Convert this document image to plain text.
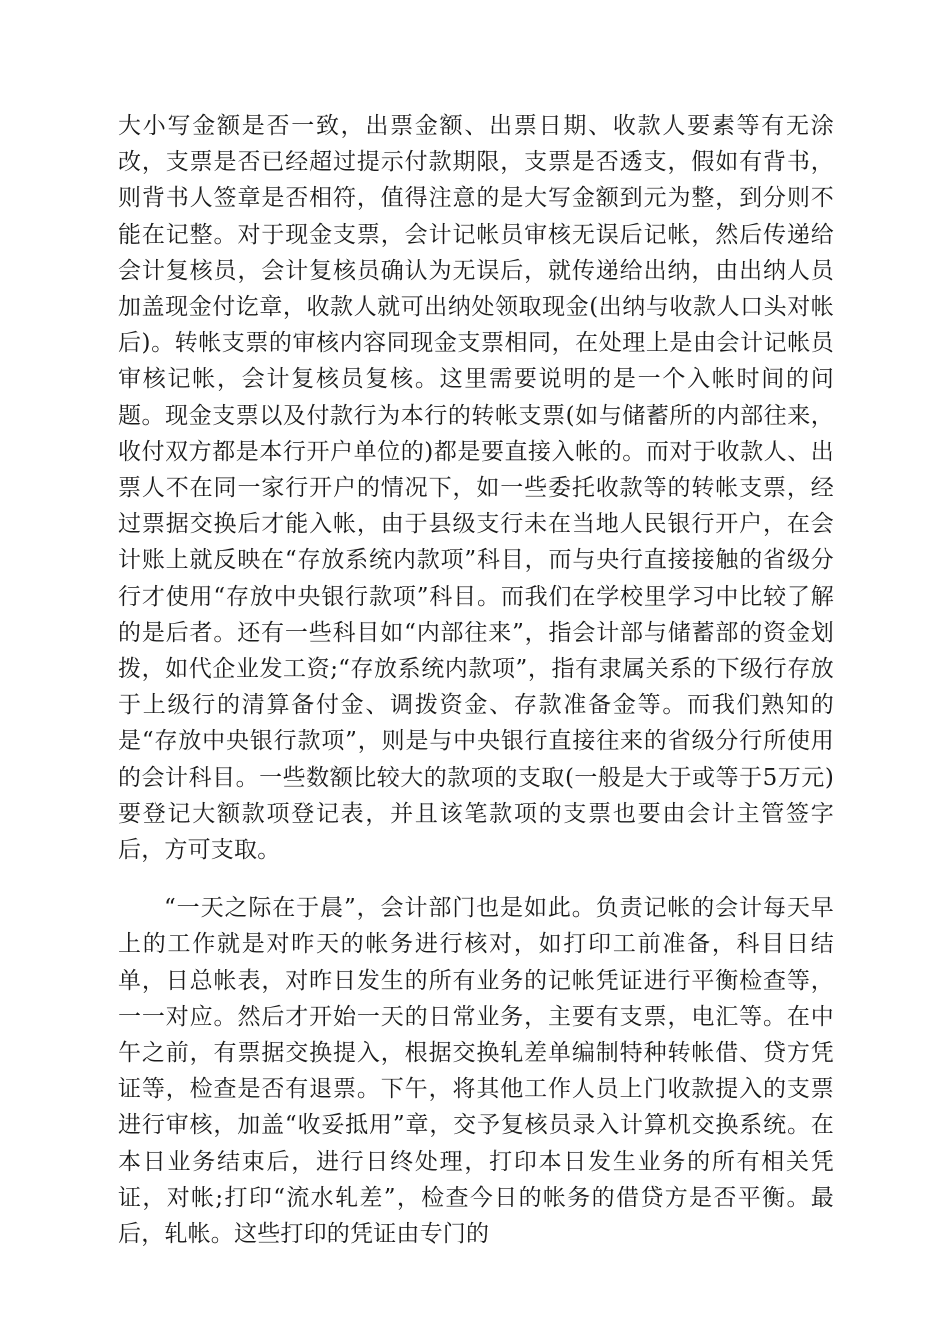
大小写金额是否一致，出票金额、出票日期、收款人要素等有无涂改，支票是否已经超过提示付款期限，支票是否透支，假如有背书，则背书人签章是否相符，值得注意的是大写金额到元为整，到分则不能在记整。对于现金支票，会计记帐员审核无误后记帐，然后传递给会计复核员，会计复核员确认为无误后，就传递给出纳，由出纳人员加盖现金付讫章，收款人就可出纳处领取现金(出纳与收款人口头对帐后)。转帐支票的审核内容同现金支票相同，在处理上是由会计记帐员审核记帐，会计复核员复核。这里需要说明的是一个入帐时间的问题。现金支票以及付款行为本行的转帐支票(如与储蓄所的内部往来，收付双方都是本行开户单位的)都是要直接入帐的。而对于收款人、出票人不在同一家行开户的情况下，如一些委托收款等的转帐支票，经过票据交换后才能入帐，由于县级支行未在当地人民银行开户，在会计账上就反映在“存放系统内款项”科目，而与央行直接接触的省级分行才使用“存放中央银行款项”科目。而我们在学校里学习中比较了解的是后者。还有一些科目如“内部往来”，指会计部与储蓄部的资金划拨，如代企业发工资;“存放系统内款项”，指有隶属关系的下级行存放于上级行的清算备付金、调拨资金、存款准备金等。而我们熟知的是“存放中央银行款项”，则是与中央银行直接往来的省级分行所使用的会计科目。一些数额比较大的款项的支取(一般是大于或等于5万元)要登记大额款项登记表，并且该笔款项的支票也要由会计主管签字后，方可支取。

“一天之际在于晨”，会计部门也是如此。负责记帐的会计每天早上的工作就是对昨天的帐务进行核对，如打印工前准备，科目日结单，日总帐表，对昨日发生的所有业务的记帐凭证进行平衡检查等，一一对应。然后才开始一天的日常业务，主要有支票，电汇等。在中午之前，有票据交换提入，根据交换轧差单编制特种转帐借、贷方凭证等，检查是否有退票。下午，将其他工作人员上门收款提入的支票进行审核，加盖“收妥抵用”章，交予复核员录入计算机交换系统。在本日业务结束后，进行日终处理，打印本日发生业务的所有相关凭证，对帐;打印“流水轧差”，检查今日的帐务的借贷方是否平衡。最后，轧帐。这些打印的凭证由专门的
